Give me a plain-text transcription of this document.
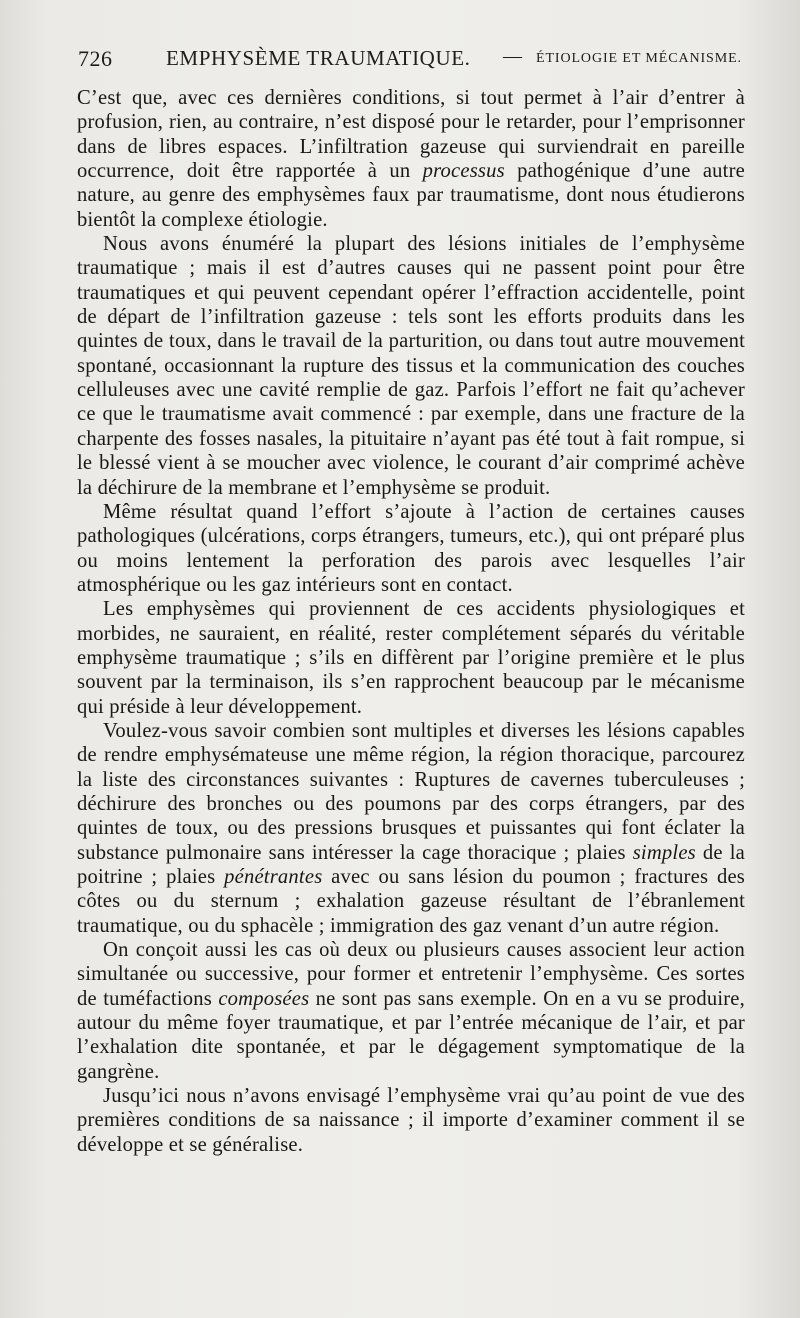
726	EMPHYSÈME TRAUMATIQUE. — ÉTIOLOGIE ET MÉCANISME.

C’est que, avec ces dernières conditions, si tout permet à l’air d’entrer à profusion, rien, au contraire, n’est disposé pour le retarder, pour l’emprisonner dans de libres espaces. L’infiltration gazeuse qui surviendrait en pareille occurrence, doit être rapportée à un processus pathogénique d’une autre nature, au genre des emphysèmes faux par traumatisme, dont nous étudierons bientôt la complexe étiologie.

Nous avons énuméré la plupart des lésions initiales de l’emphysème traumatique ; mais il est d’autres causes qui ne passent point pour être traumatiques et qui peuvent cependant opérer l’effraction accidentelle, point de départ de l’infiltration gazeuse : tels sont les efforts produits dans les quintes de toux, dans le travail de la parturition, ou dans tout autre mouvement spontané, occasionnant la rupture des tissus et la communication des couches celluleuses avec une cavité remplie de gaz. Parfois l’effort ne fait qu’achever ce que le traumatisme avait commencé : par exemple, dans une fracture de la charpente des fosses nasales, la pituitaire n’ayant pas été tout à fait rompue, si le blessé vient à se moucher avec violence, le courant d’air comprimé achève la déchirure de la membrane et l’emphysème se produit.

Même résultat quand l’effort s’ajoute à l’action de certaines causes pathologiques (ulcérations, corps étrangers, tumeurs, etc.), qui ont préparé plus ou moins lentement la perforation des parois avec lesquelles l’air atmosphérique ou les gaz intérieurs sont en contact.

Les emphysèmes qui proviennent de ces accidents physiologiques et morbides, ne sauraient, en réalité, rester complétement séparés du véritable emphysème traumatique ; s’ils en diffèrent par l’origine première et le plus souvent par la terminaison, ils s’en rapprochent beaucoup par le mécanisme qui préside à leur développement.

Voulez-vous savoir combien sont multiples et diverses les lésions capables de rendre emphysémateuse une même région, la région thoracique, parcourez la liste des circonstances suivantes : Ruptures de cavernes tuberculeuses ; déchirure des bronches ou des poumons par des corps étrangers, par des quintes de toux, ou des pressions brusques et puissantes qui font éclater la substance pulmonaire sans intéresser la cage thoracique ; plaies simples de la poitrine ; plaies pénétrantes avec ou sans lésion du poumon ; fractures des côtes ou du sternum ; exhalation gazeuse résultant de l’ébranlement traumatique, ou du sphacèle ; immigration des gaz venant d’un autre région.

On conçoit aussi les cas où deux ou plusieurs causes associent leur action simultanée ou successive, pour former et entretenir l’emphysème. Ces sortes de tuméfactions composées ne sont pas sans exemple. On en a vu se produire, autour du même foyer traumatique, et par l’entrée mécanique de l’air, et par l’exhalation dite spontanée, et par le dégagement symptomatique de la gangrène.

Jusqu’ici nous n’avons envisagé l’emphysème vrai qu’au point de vue des premières conditions de sa naissance ; il importe d’examiner comment il se développe et se généralise.
